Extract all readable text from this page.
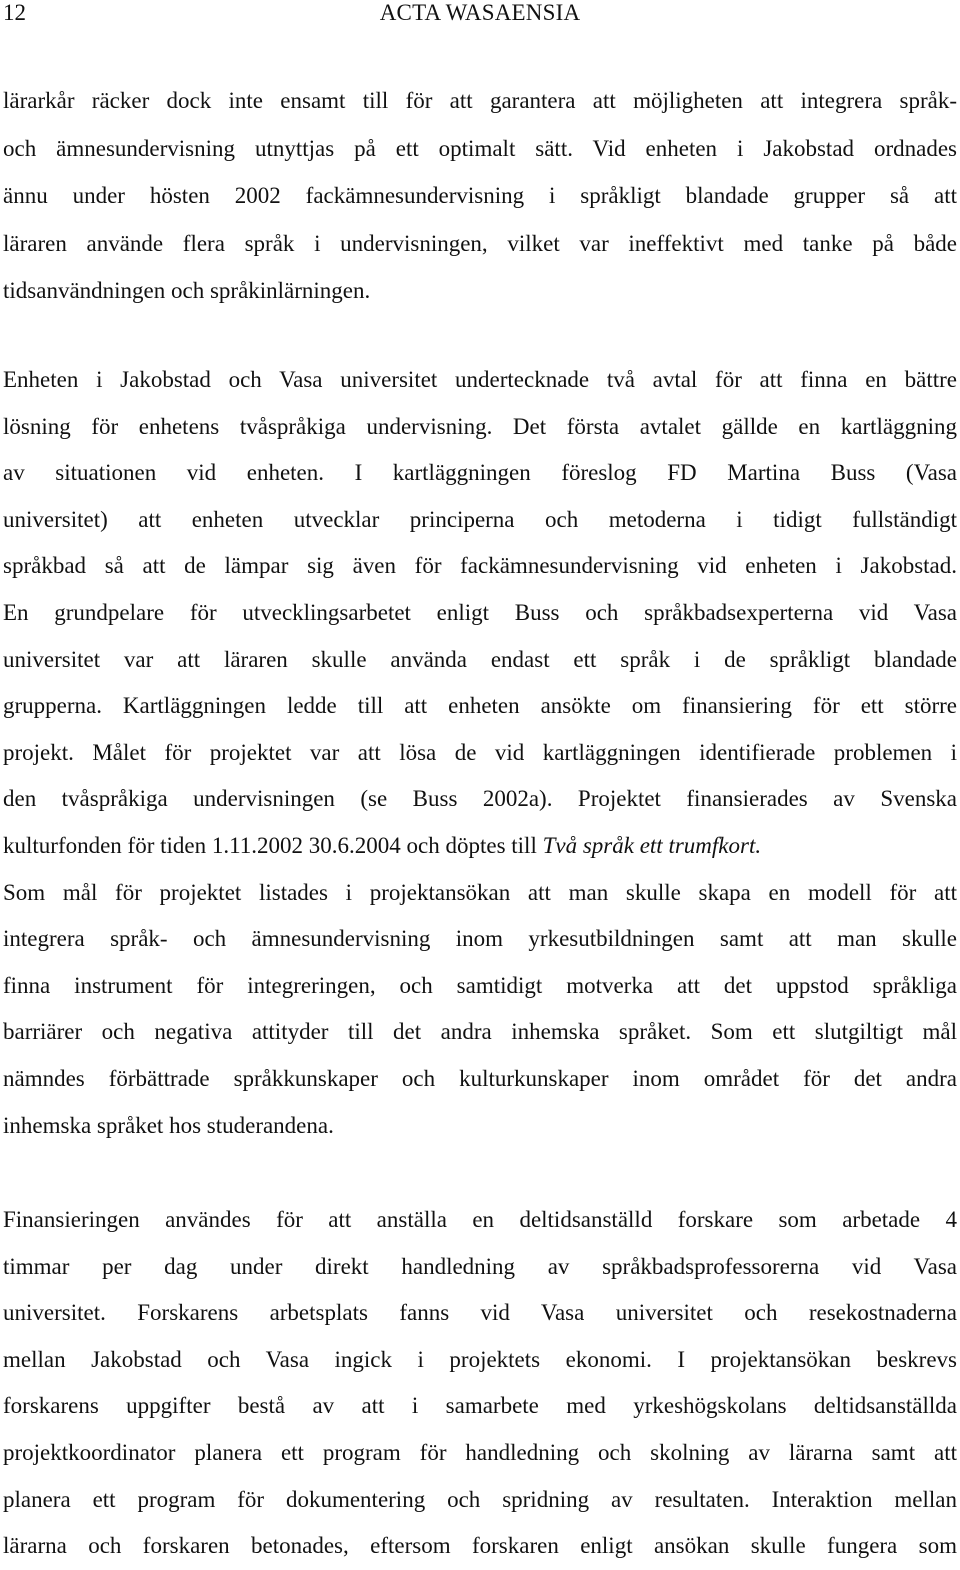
12	ACTA WASAENSIA
lärarkår räcker dock inte ensamt till för att garantera att möjligheten att integrera språk-
och ämnesundervisning utnyttjas på ett optimalt sätt. Vid enheten i Jakobstad ordnades
ännu under hösten 2002 fackämnesundervisning i språkligt blandade grupper så att
läraren använde flera språk i undervisningen, vilket var ineffektivt med tanke på både
tidsanvändningen och språkinlärningen.
Enheten i Jakobstad och Vasa universitet undertecknade två avtal för att finna en bättre
lösning för enhetens tvåspråkiga undervisning. Det första avtalet gällde en kartläggning
av situationen vid enheten. I kartläggningen föreslog FD Martina Buss (Vasa
universitet) att enheten utvecklar principerna och metoderna i tidigt fullständigt
språkbad så att de lämpar sig även för fackämnesundervisning vid enheten i Jakobstad.
En grundpelare för utvecklingsarbetet enligt Buss och språkbadsexperterna vid Vasa
universitet var att läraren skulle använda endast ett språk i de språkligt blandade
grupperna. Kartläggningen ledde till att enheten ansökte om finansiering för ett större
projekt. Målet för projektet var att lösa de vid kartläggningen identifierade problemen i
den tvåspråkiga undervisningen (se Buss 2002a). Projektet finansierades av Svenska
kulturfonden för tiden 1.11.2002 30.6.2004 och döptes till Två språk ett trumfkort.
Som mål för projektet listades i projektansökan att man skulle skapa en modell för att
integrera språk- och ämnesundervisning inom yrkesutbildningen samt att man skulle
finna instrument för integreringen, och samtidigt motverka att det uppstod språkliga
barriärer och negativa attityder till det andra inhemska språket. Som ett slutgiltigt mål
nämndes förbättrade språkkunskaper och kulturkunskaper inom området för det andra
inhemska språket hos studerandena.
Finansieringen användes för att anställa en deltidsanställd forskare som arbetade 4
timmar per dag under direkt handledning av språkbadsprofessorerna vid Vasa
universitet. Forskarens arbetsplats fanns vid Vasa universitet och resekostnaderna
mellan Jakobstad och Vasa ingick i projektets ekonomi. I projektansökan beskrevs
forskarens uppgifter bestå av att i samarbete med yrkeshögskolans deltidsanställda
projektkoordinator planera ett program för handledning och skolning av lärarna samt att
planera ett program för dokumentering och spridning av resultaten. Interaktion mellan
lärarna och forskaren betonades, eftersom forskaren enligt ansökan skulle fungera som
